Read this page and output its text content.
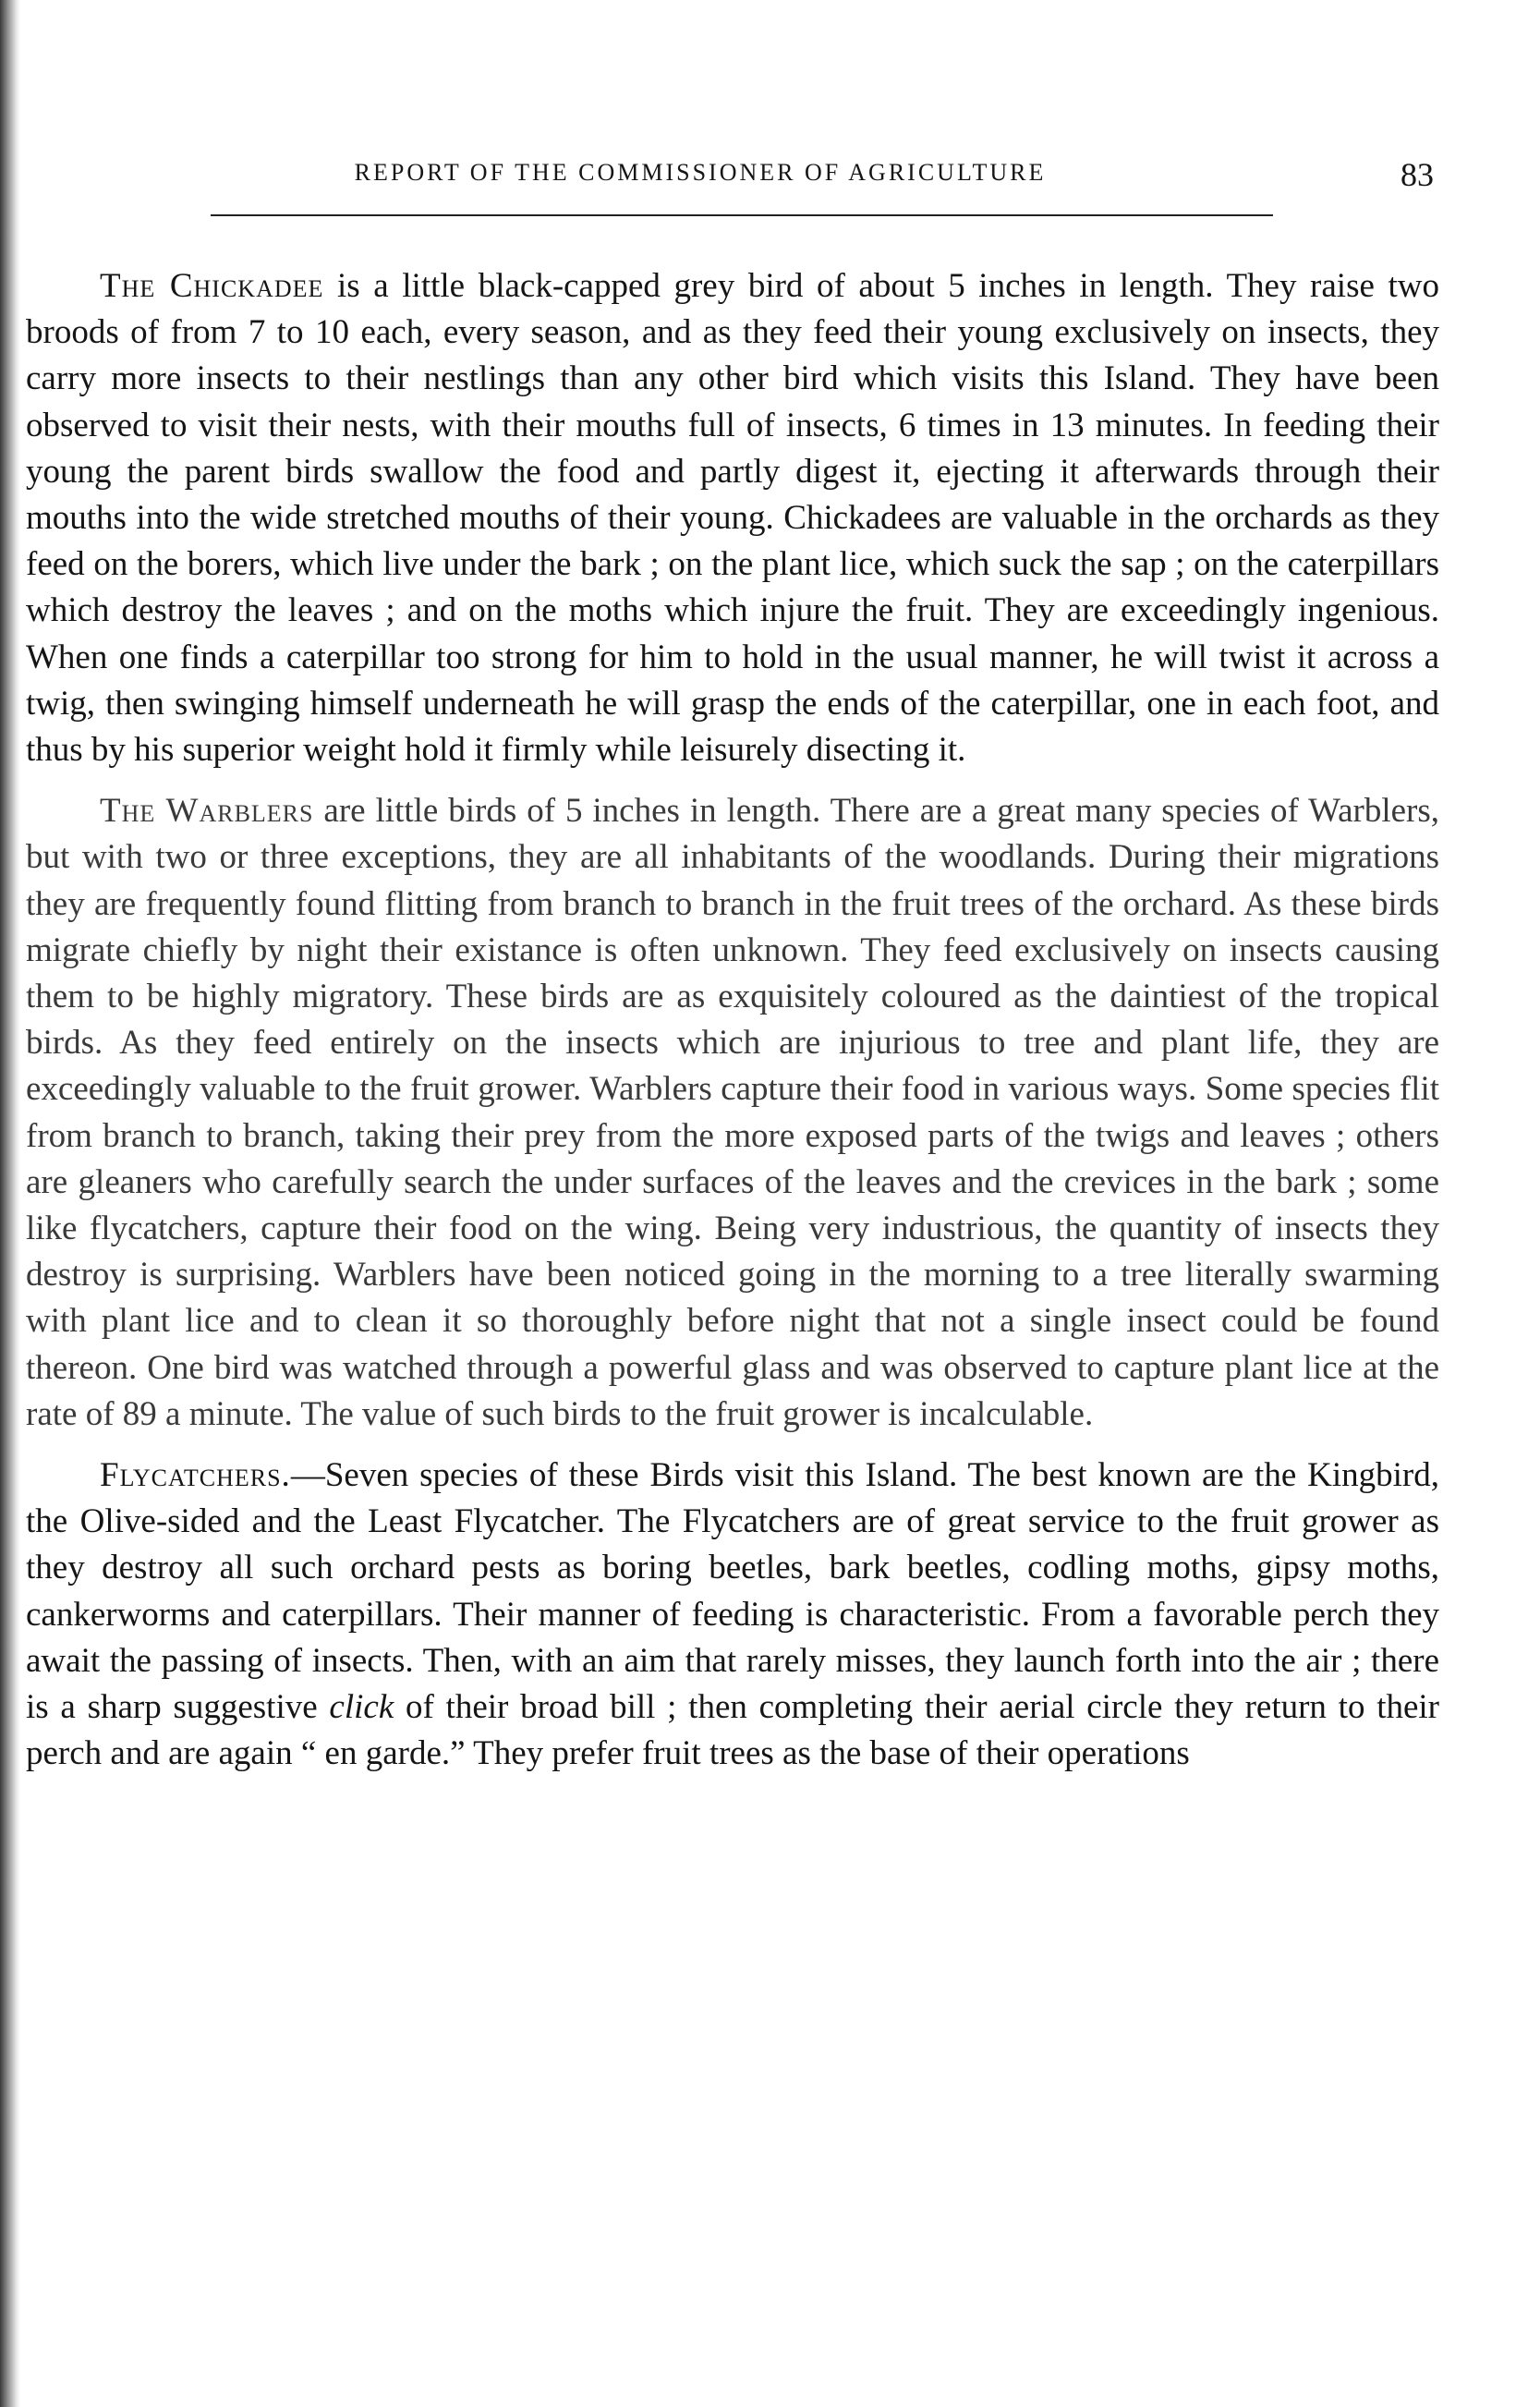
REPORT OF THE COMMISSIONER OF AGRICULTURE	83

The Chickadee is a little black-capped grey bird of about 5 inches in length. They raise two broods of from 7 to 10 each, every season, and as they feed their young exclusively on insects, they carry more insects to their nestlings than any other bird which visits this Island. They have been observed to visit their nests, with their mouths full of insects, 6 times in 13 minutes. In feeding their young the parent birds swallow the food and partly digest it, ejecting it afterwards through their mouths into the wide stretched mouths of their young. Chickadees are valuable in the orchards as they feed on the borers, which live under the bark ; on the plant lice, which suck the sap ; on the caterpillars which destroy the leaves ; and on the moths which injure the fruit. They are exceedingly ingenious. When one finds a caterpillar too strong for him to hold in the usual manner, he will twist it across a twig, then swinging himself underneath he will grasp the ends of the caterpillar, one in each foot, and thus by his superior weight hold it firmly while leisurely disecting it.

The Warblers are little birds of 5 inches in length. There are a great many species of Warblers, but with two or three exceptions, they are all inhabitants of the woodlands. During their migrations they are frequently found flitting from branch to branch in the fruit trees of the orchard. As these birds migrate chiefly by night their existance is often unknown. They feed exclusively on insects causing them to be highly migratory. These birds are as exquisitely coloured as the daintiest of the tropical birds. As they feed entirely on the insects which are injurious to tree and plant life, they are exceedingly valuable to the fruit grower. Warblers capture their food in various ways. Some species flit from branch to branch, taking their prey from the more exposed parts of the twigs and leaves ; others are gleaners who carefully search the under surfaces of the leaves and the crevices in the bark ; some like flycatchers, capture their food on the wing. Being very industrious, the quantity of insects they destroy is surprising. Warblers have been noticed going in the morning to a tree literally swarming with plant lice and to clean it so thoroughly before night that not a single insect could be found thereon. One bird was watched through a powerful glass and was observed to capture plant lice at the rate of 89 a minute. The value of such birds to the fruit grower is incalculable.

Flycatchers.—Seven species of these Birds visit this Island. The best known are the Kingbird, the Olive-sided and the Least Flycatcher. The Flycatchers are of great service to the fruit grower as they destroy all such orchard pests as boring beetles, bark beetles, codling moths, gipsy moths, cankerworms and caterpillars. Their manner of feeding is characteristic. From a favorable perch they await the passing of insects. Then, with an aim that rarely misses, they launch forth into the air ; there is a sharp suggestive click of their broad bill ; then completing their aerial circle they return to their perch and are again “ en garde.” They prefer fruit trees as the base of their operations
